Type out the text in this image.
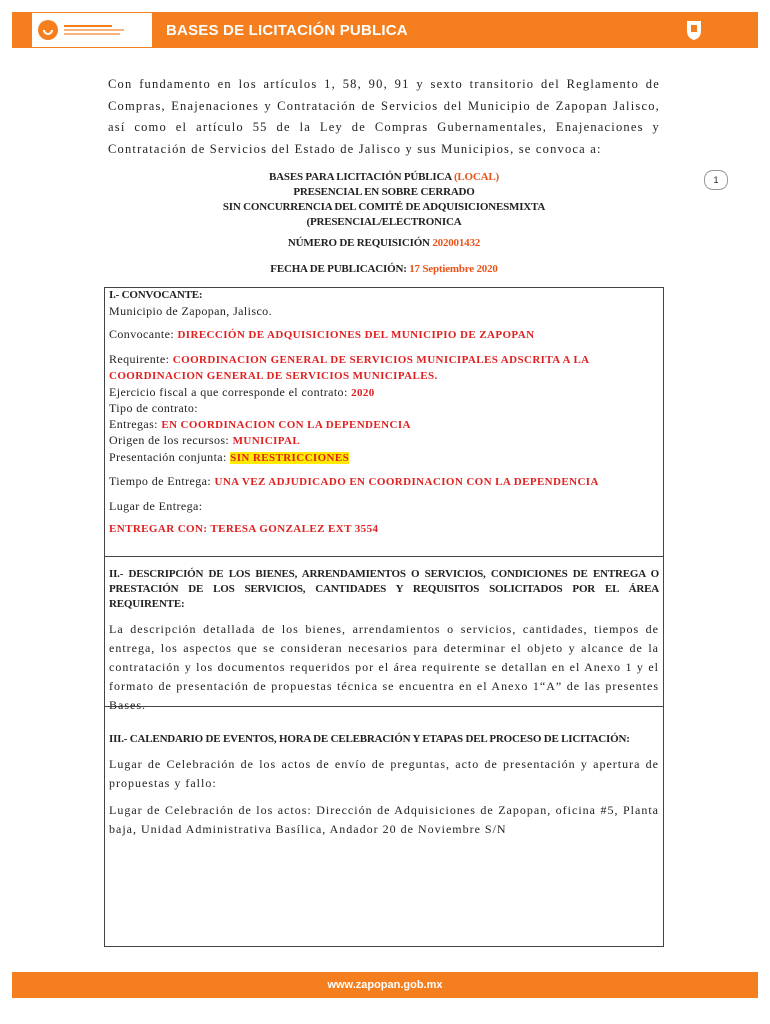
BASES DE LICITACIÓN PUBLICA
Con fundamento en los artículos 1, 58, 90, 91 y sexto transitorio del Reglamento de Compras, Enajenaciones y Contratación de Servicios del Municipio de Zapopan Jalisco, así como el artículo 55 de la Ley de Compras Gubernamentales, Enajenaciones y Contratación de Servicios del Estado de Jalisco y sus Municipios, se convoca a:
1
BASES PARA LICITACIÓN PÚBLICA (LOCAL)
PRESENCIAL EN SOBRE CERRADO
SIN CONCURRENCIA DEL COMITÉ DE ADQUISICIONESMIXTA
(PRESENCIAL/ELECTRONICA
NÚMERO DE REQUISICIÓN 202001432
FECHA DE PUBLICACIÓN: 17 Septiembre 2020
I.- CONVOCANTE:
Municipio de Zapopan, Jalisco.
Convocante: DIRECCIÓN DE ADQUISICIONES DEL MUNICIPIO DE ZAPOPAN
Requirente: COORDINACION GENERAL DE SERVICIOS MUNICIPALES ADSCRITA A LA COORDINACION GENERAL DE SERVICIOS MUNICIPALES.
Ejercicio fiscal a que corresponde el contrato: 2020
Tipo de contrato:
Entregas: EN COORDINACION CON LA DEPENDENCIA
Origen de los recursos: MUNICIPAL
Presentación conjunta: SIN RESTRICCIONES
Tiempo de Entrega: UNA VEZ ADJUDICADO EN COORDINACION CON LA DEPENDENCIA
Lugar de Entrega:
ENTREGAR CON: TERESA GONZALEZ EXT 3554
II.- DESCRIPCIÓN DE LOS BIENES, ARRENDAMIENTOS O SERVICIOS, CONDICIONES DE ENTREGA O PRESTACIÓN DE LOS SERVICIOS, CANTIDADES Y REQUISITOS SOLICITADOS POR EL ÁREA REQUIRENTE:
La descripción detallada de los bienes, arrendamientos o servicios, cantidades, tiempos de entrega, los aspectos que se consideran necesarios para determinar el objeto y alcance de la contratación y los documentos requeridos por el área requirente se detallan en el Anexo 1 y el formato de presentación de propuestas técnica se encuentra en el Anexo 1“A” de las presentes Bases.
III.- CALENDARIO DE EVENTOS, HORA DE CELEBRACIÓN Y ETAPAS DEL PROCESO DE LICITACIÓN:
Lugar de Celebración de los actos de envío de preguntas, acto de presentación y apertura de propuestas y fallo:
Lugar de Celebración de los actos: Dirección de Adquisiciones de Zapopan, oficina #5, Planta baja, Unidad Administrativa Basílica, Andador 20 de Noviembre S/N
www.zapopan.gob.mx
